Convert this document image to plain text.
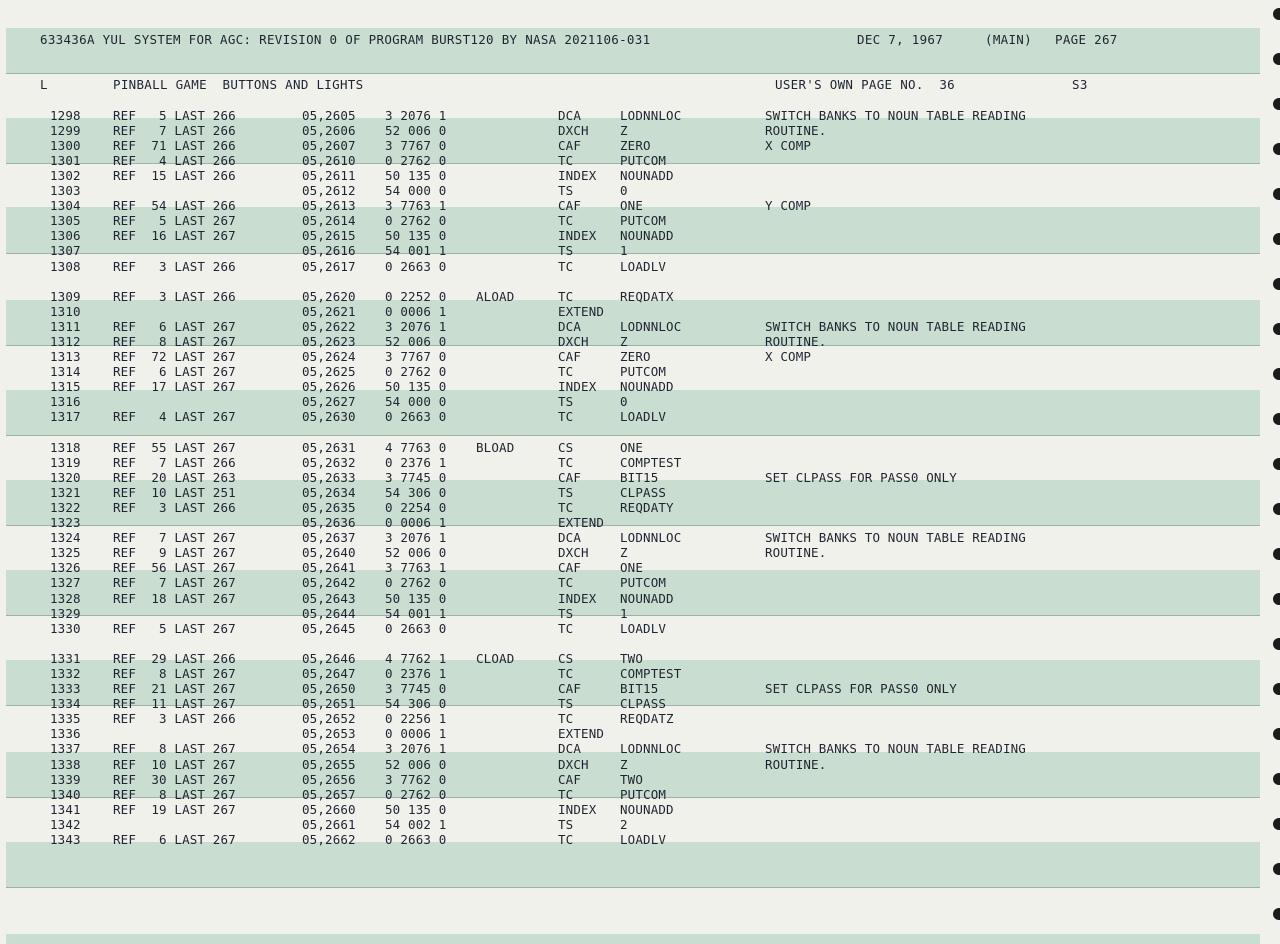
633436A YUL SYSTEM FOR AGC: REVISION 0 OF PROGRAM BURST120 BY NASA 2021106-031	DEC 7, 1967	(MAIN) PAGE 267
L	PINBALL GAME  BUTTONS AND LIGHTS	USER'S OWN PAGE NO.  36	S3
1298	REF   5 LAST 266	05,2605 3 2076 1	DCA	LODNNLOC	SWITCH BANKS TO NOUN TABLE READING
1299	REF   7 LAST 266	05,2606 52 006 0	DXCH	Z	ROUTINE.
1300	REF  71 LAST 266	05,2607 3 7767 0	CAF	ZERO	X COMP
1301	REF   4 LAST 266	05,2610 0 2762 0	TC	PUTCOM
1302	REF  15 LAST 266	05,2611 50 135 0	INDEX NOUNADD
1303	05,2612 54 000 0	TS	0
1304	REF  54 LAST 266	05,2613 3 7763 1	CAF	ONE	Y COMP
1305	REF   5 LAST 267	05,2614 0 2762 0	TC	PUTCOM
1306	REF  16 LAST 267	05,2615 50 135 0	INDEX NOUNADD
1307	05,2616 54 001 1	TS	1
1308	REF   3 LAST 266	05,2617 0 2663 0	TC	LOADLV
1309	REF   3 LAST 266	05,2620 0 2252 0 ALOAD	TC	REQDATX
1310	05,2621 0 0006 1	EXTEND
1311	REF   6 LAST 267	05,2622 3 2076 1	DCA	LODNNLOC	SWITCH BANKS TO NOUN TABLE READING
1312	REF   8 LAST 267	05,2623 52 006 0	DXCH	Z	ROUTINE.
1313	REF  72 LAST 267	05,2624 3 7767 0	CAF	ZERO	X COMP
1314	REF   6 LAST 267	05,2625 0 2762 0	TC	PUTCOM
1315	REF  17 LAST 267	05,2626 50 135 0	INDEX NOUNADD
1316	05,2627 54 000 0	TS	0
1317	REF   4 LAST 267	05,2630 0 2663 0	TC	LOADLV
1318	REF  55 LAST 267	05,2631 4 7763 0 BLOAD	CS	ONE
1319	REF   7 LAST 266	05,2632 0 2376 1	TC	COMPTEST
1320	REF  20 LAST 263	05,2633 3 7745 0	CAF	BIT15	SET CLPASS FOR PASS0 ONLY
1321	REF  10 LAST 251	05,2634 54 306 0	TS	CLPASS
1322	REF   3 LAST 266	05,2635 0 2254 0	TC	REQDATY
1323	05,2636 0 0006 1	EXTEND
1324	REF   7 LAST 267	05,2637 3 2076 1	DCA	LODNNLOC	SWITCH BANKS TO NOUN TABLE READING
1325	REF   9 LAST 267	05,2640 52 006 0	DXCH	Z	ROUTINE.
1326	REF  56 LAST 267	05,2641 3 7763 1	CAF	ONE
1327	REF   7 LAST 267	05,2642 0 2762 0	TC	PUTCOM
1328	REF  18 LAST 267	05,2643 50 135 0	INDEX NOUNADD
1329	05,2644 54 001 1	TS	1
1330	REF   5 LAST 267	05,2645 0 2663 0	TC	LOADLV
1331	REF  29 LAST 266	05,2646 4 7762 1 CLOAD	CS	TWO
1332	REF   8 LAST 267	05,2647 0 2376 1	TC	COMPTEST
1333	REF  21 LAST 267	05,2650 3 7745 0	CAF	BIT15	SET CLPASS FOR PASS0 ONLY
1334	REF  11 LAST 267	05,2651 54 306 0	TS	CLPASS
1335	REF   3 LAST 266	05,2652 0 2256 1	TC	REQDATZ
1336	05,2653 0 0006 1	EXTEND
1337	REF   8 LAST 267	05,2654 3 2076 1	DCA	LODNNLOC	SWITCH BANKS TO NOUN TABLE READING
1338	REF  10 LAST 267	05,2655 52 006 0	DXCH	Z	ROUTINE.
1339	REF  30 LAST 267	05,2656 3 7762 0	CAF	TWO
1340	REF   8 LAST 267	05,2657 0 2762 0	TC	PUTCOM
1341	REF  19 LAST 267	05,2660 50 135 0	INDEX NOUNADD
1342	05,2661 54 002 1	TS	2
1343	REF   6 LAST 267	05,2662 0 2663 0	TC	LOADLV
